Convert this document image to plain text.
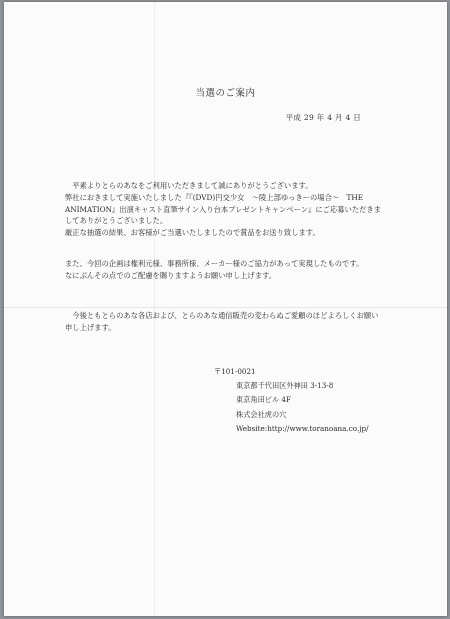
当選のご案内
平成 29 年 4 月 4 日
　平素よりとらのあなをご利用いただきまして誠にありがとうございます。
弊社におきまして実施いたしました『『(DVD)円交少女　～陵上部ゆっきーの場合～　THE ANIMATION』出演キャスト直筆サイン入り台本プレゼントキャンペーン』にご応募いただきましてありがとうございました。
厳正な抽選の結果、お客様がご当選いたしましたので賞品をお送り致します。
また、今回の企画は権利元様、事務所様、メーカー様のご協力があって実現したものです。
なにぶんその点でのご配慮を賜りますようお願い申し上げます。
　今後ともとらのあな各店および、とらのあな通信販売の変わらぬご愛顧のほどよろしくお願い申し上げます。
〒101-0021
東京都千代田区外神田 3-13-8
東京角田ビル 4F
株式会社虎の穴
Website:http://www.toranoana.co.jp/
